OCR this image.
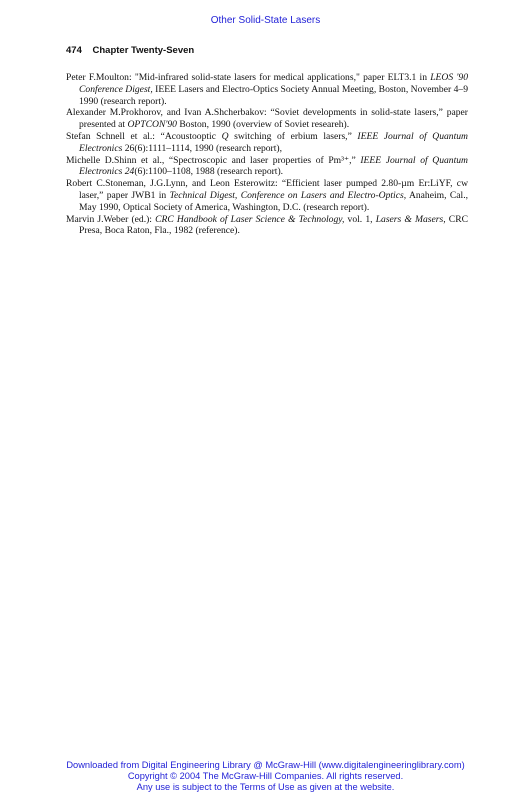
Other Solid-State Lasers
474 Chapter Twenty-Seven

Peter F.Moulton: "Mid-infrared solid-state lasers for medical applications," paper ELT3.1 in LEOS '90 Conference Digest, IEEE Lasers and Electro-Optics Society Annual Meeting, Boston, November 4–9 1990 (research report).

Alexander M.Prokhorov, and Ivan A.Shcherbakov: “Soviet developments in solid-state lasers,” paper presented at OPTCON'90 Boston, 1990 (overview of Soviet researeh).

Stefan Schnell et al.: “Acoustooptic Q switching of erbium lasers,” IEEE Journal of Quantum Electronics 26(6):1111–1114, 1990 (research report),

Michelle D.Shinn et al., “Spectroscopic and laser properties of Pm³⁺,” IEEE Journal of Quantum Electronics 24(6):1100–1108, 1988 (research report).

Robert C.Stoneman, J.G.Lynn, and Leon Esterowitz: “Efficient laser pumped 2.80-µm Er:LiYF, cw laser,” paper JWB1 in Technical Digest, Conference on Lasers and Electro-Optics, Anaheim, Cal., May 1990, Optical Society of America, Washington, D.C. (research report).

Marvin J.Weber (ed.): CRC Handbook of Laser Science & Technology, vol. 1, Lasers & Masers, CRC Presa, Boca Raton, Fla., 1982 (reference).

Downloaded from Digital Engineering Library @ McGraw-Hill (www.digitalengineeringlibrary.com)
Copyright © 2004 The McGraw-Hill Companies. All rights reserved.
Any use is subject to the Terms of Use as given at the website.
